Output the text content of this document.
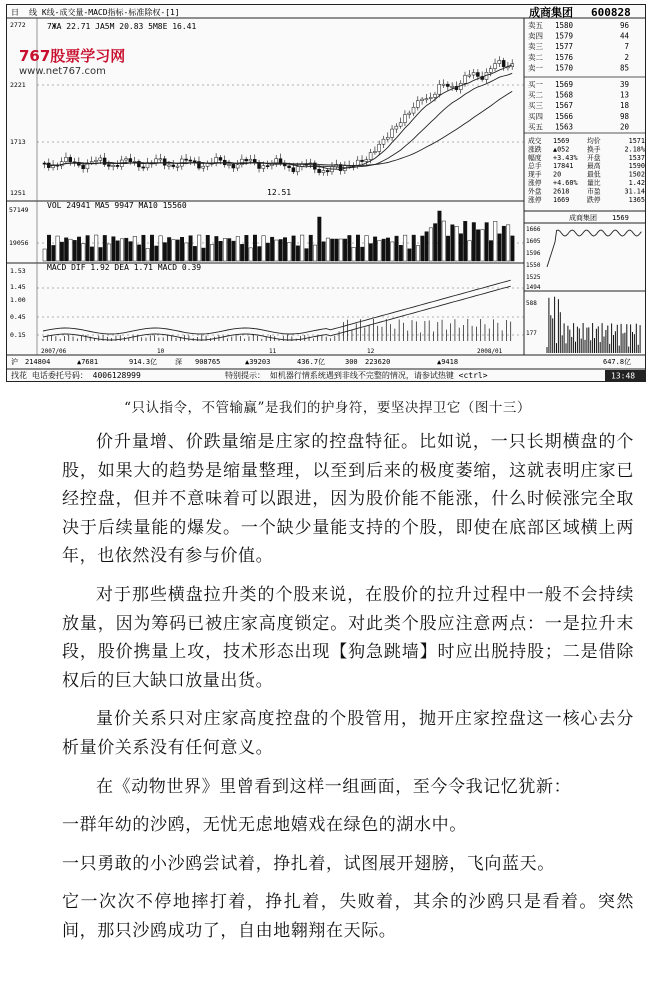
日 线 K线-成交量-MACD指标-标准除权-[1]	成商集团 600828
7ЖA 22.71 JA5M 20.83 5M8E 16.41
VOL 24941 MA5 9947 MA10 15560
MACD DIF 1.92 DEA 1.71 MACD 0.39
2772
2221
1713
1251
57149
19056
1.53
1.45
1.00
0.45
0.15
12.51
2007/06	10	11	12	2008/01
卖五 1580	96
卖四 1579	44
卖三 1577	7
卖二 1576	2
卖一 1570	85
买一 1569	39
买二 1568	13
买三 1567	18
买四 1566	98
买五 1563	20
成交 1569	均价	1571
涨跌 ▲052	换手	2.18%
幅度 +3.43% 开盘	1537
总手 17841 最高	1590
现手 20	最低	1502
涨停 +4.60% 量比	1.42
外盘 2618	市盈	31.14
涨停 1669	跌停	1365
成商集团 1569
1666
1605
1596
1550
1525
1494
588
177
沪 214804	▲7681	914.3亿	深 908765	▲39203	436.7亿	300 223620	▲9418	647.8亿
找花 电话委托号码： 4006128999	特别提示： 如机器行情系统遇到非线不完整的情况，请参试热键 <ctrl>	13:48
767股票学习网
www.net767.com
“只认指令，不管输赢”是我们的护身符，要坚决捍卫它（图十三）

价升量增、价跌量缩是庄家的控盘特征。比如说，一只长期横盘的个股，如果大的趋势是缩量整理，以至到后来的极度萎缩，这就表明庄家已经控盘，但并不意味着可以跟进，因为股价能不能涨，什么时候涨完全取决于后续量能的爆发。一个缺少量能支持的个股，即使在底部区域横上两年，也依然没有参与价值。

对于那些横盘拉升类的个股来说，在股价的拉升过程中一般不会持续放量，因为筹码已被庄家高度锁定。对此类个股应注意两点：一是拉升末段，股价携量上攻，技术形态出现【狗急跳墙】时应出脱持股；二是借除权后的巨大缺口放量出货。

量价关系只对庄家高度控盘的个股管用，抛开庄家控盘这一核心去分析量价关系没有任何意义。

在《动物世界》里曾看到这样一组画面，至今令我记忆犹新：

一群年幼的沙鸥，无忧无虑地嬉戏在绿色的湖水中。

一只勇敢的小沙鸥尝试着，挣扎着，试图展开翅膀，飞向蓝天。

它一次次不停地摔打着，挣扎着，失败着，其余的沙鸥只是看着。突然间，那只沙鸥成功了，自由地翱翔在天际。
